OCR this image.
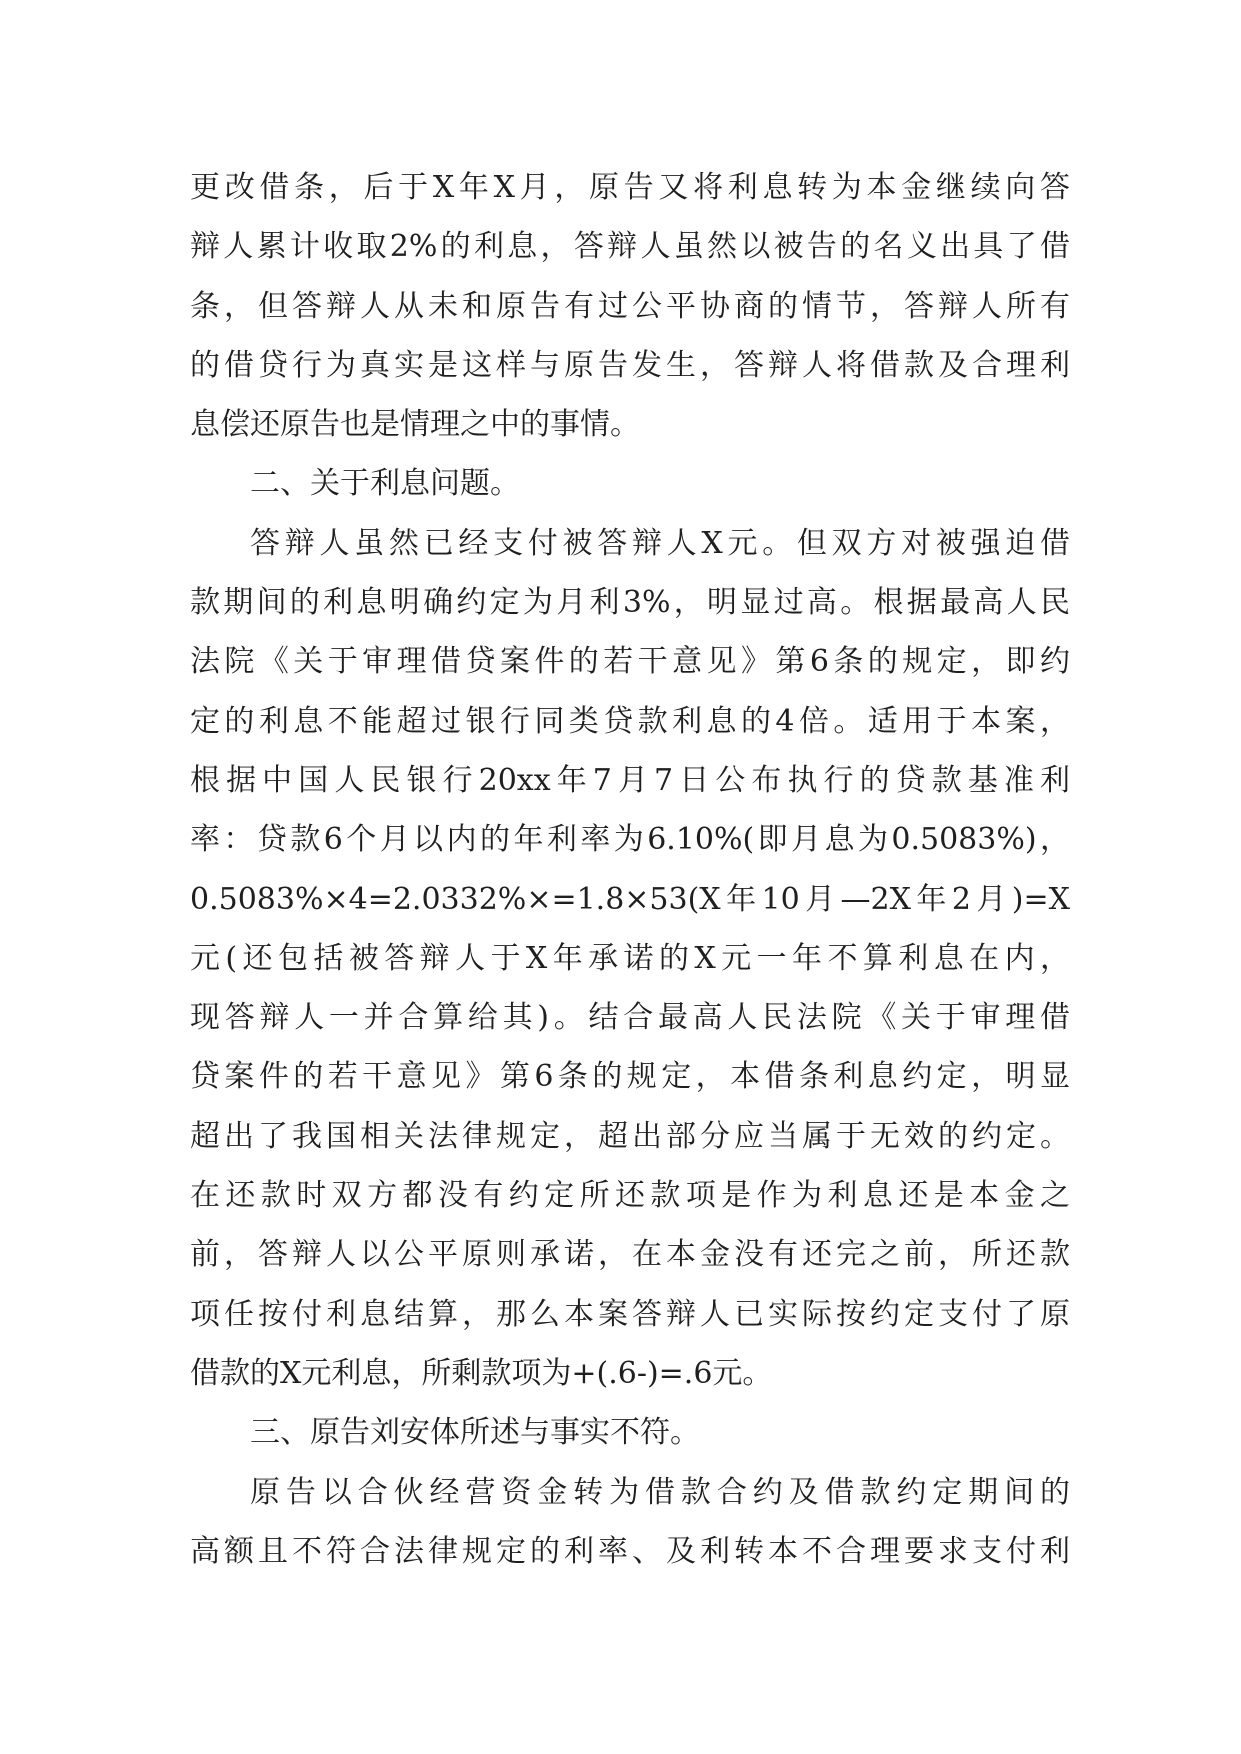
更改借条，后于X年X月，原告又将利息转为本金继续向答
辩人累计收取2%的利息，答辩人虽然以被告的名义出具了借
条，但答辩人从未和原告有过公平协商的情节，答辩人所有
的借贷行为真实是这样与原告发生，答辩人将借款及合理利
息偿还原告也是情理之中的事情。
二、关于利息问题。
答辩人虽然已经支付被答辩人X元。但双方对被强迫借
款期间的利息明确约定为月利3%，明显过高。根据最高人民
法院《关于审理借贷案件的若干意见》第6条的规定，即约
定的利息不能超过银行同类贷款利息的4倍。适用于本案，
根据中国人民银行20xx年7月7日公布执行的贷款基准利
率：贷款6个月以内的年利率为6.10%(即月息为0.5083%)，
0.5083%×4=2.0332%×=1.8×53(X年10月—2X年2月)=X
元(还包括被答辩人于X年承诺的X元一年不算利息在内，
现答辩人一并合算给其)。结合最高人民法院《关于审理借
贷案件的若干意见》第6条的规定，本借条利息约定，明显
超出了我国相关法律规定，超出部分应当属于无效的约定。
在还款时双方都没有约定所还款项是作为利息还是本金之
前，答辩人以公平原则承诺，在本金没有还完之前，所还款
项任按付利息结算，那么本案答辩人已实际按约定支付了原
借款的X元利息，所剩款项为+(.6-)=.6元。
三、原告刘安体所述与事实不符。
原告以合伙经营资金转为借款合约及借款约定期间的
高额且不符合法律规定的利率、及利转本不合理要求支付利
